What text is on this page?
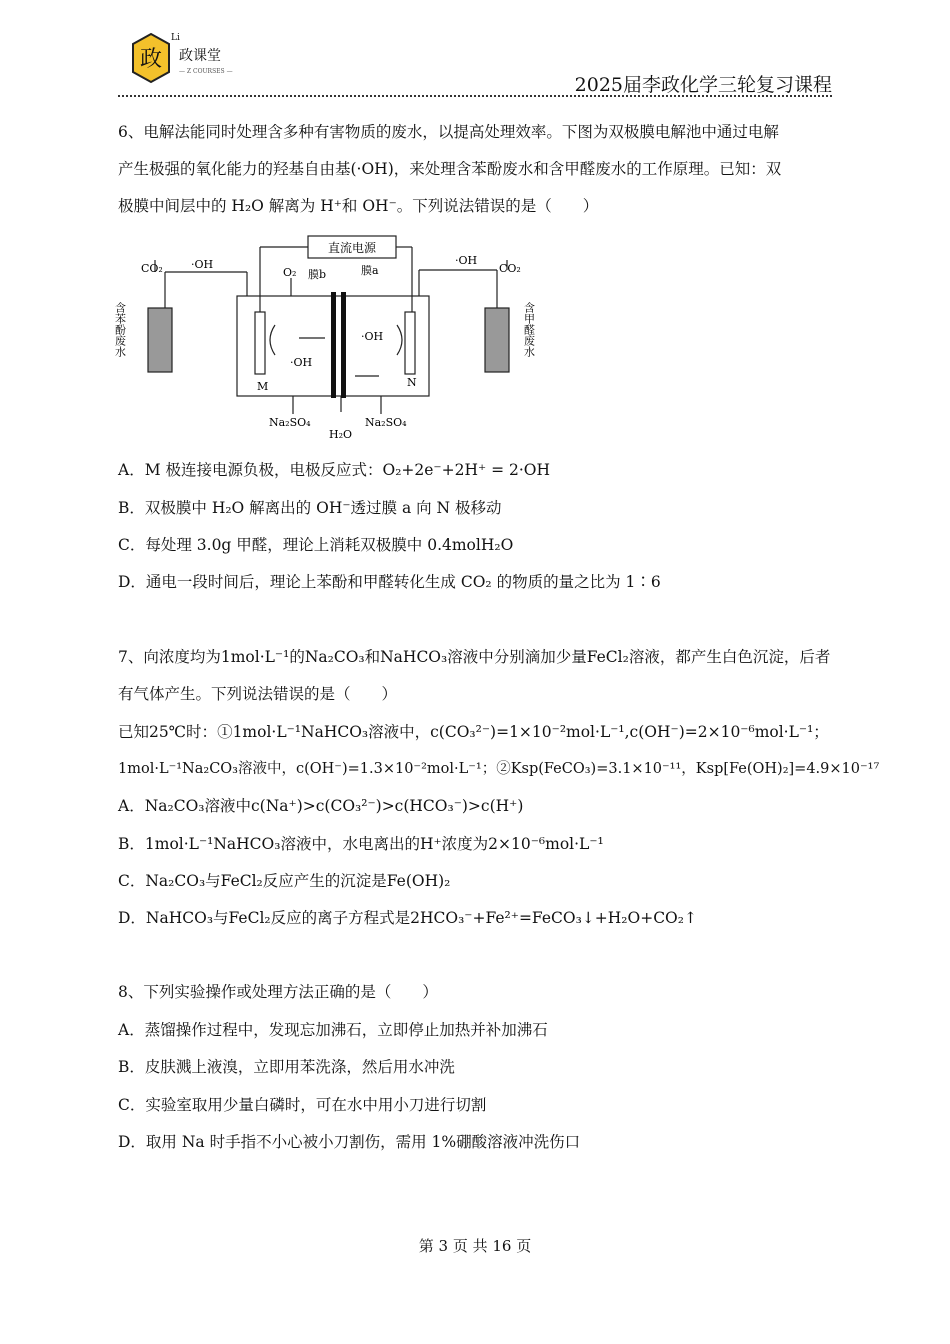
政
Li
政课堂
— Z COURSES —
2025届李政化学三轮复习课程
6、电解法能同时处理含多种有害物质的废水，以提高处理效率。下图为双极膜电解池中通过电解
产生极强的氧化能力的羟基自由基(·OH)，来处理含苯酚废水和含甲醛废水的工作原理。已知：双
极膜中间层中的 H₂O 解离为 H⁺和 OH⁻。下列说法错误的是（　　）
直流电源
CO₂	·OH	·OH
CO₂
O₂ 膜b	膜a
·OH
·OH
M	N
Na₂SO₄	Na₂SO₄
H₂O
含苯酚废水	含甲醛废水
A．M 极连接电源负极，电极反应式：O₂+2e⁻+2H⁺ = 2·OH
B．双极膜中 H₂O 解离出的 OH⁻透过膜 a 向 N 极移动
C．每处理 3.0g 甲醛，理论上消耗双极膜中 0.4molH₂O
D．通电一段时间后，理论上苯酚和甲醛转化生成 CO₂ 的物质的量之比为 1∶6
7、向浓度均为1mol·L⁻¹的Na₂CO₃和NaHCO₃溶液中分别滴加少量FeCl₂溶液，都产生白色沉淀，后者
有气体产生。下列说法错误的是（　　）
已知25℃时：①1mol·L⁻¹NaHCO₃溶液中，c(CO₃²⁻)=1×10⁻²mol·L⁻¹,c(OH⁻)=2×10⁻⁶mol·L⁻¹；
1mol·L⁻¹Na₂CO₃溶液中，c(OH⁻)=1.3×10⁻²mol·L⁻¹；②Ksp(FeCO₃)=3.1×10⁻¹¹，Ksp[Fe(OH)₂]=4.9×10⁻¹⁷
A．Na₂CO₃溶液中c(Na⁺)>c(CO₃²⁻)>c(HCO₃⁻)>c(H⁺)
B．1mol·L⁻¹NaHCO₃溶液中，水电离出的H⁺浓度为2×10⁻⁶mol·L⁻¹
C．Na₂CO₃与FeCl₂反应产生的沉淀是Fe(OH)₂
D．NaHCO₃与FeCl₂反应的离子方程式是2HCO₃⁻+Fe²⁺=FeCO₃↓+H₂O+CO₂↑
8、下列实验操作或处理方法正确的是（　　）
A．蒸馏操作过程中，发现忘加沸石，立即停止加热并补加沸石
B．皮肤溅上液溴，立即用苯洗涤，然后用水冲洗
C．实验室取用少量白磷时，可在水中用小刀进行切割
D．取用 Na 时手指不小心被小刀割伤，需用 1%硼酸溶液冲洗伤口
第 3 页 共 16 页
